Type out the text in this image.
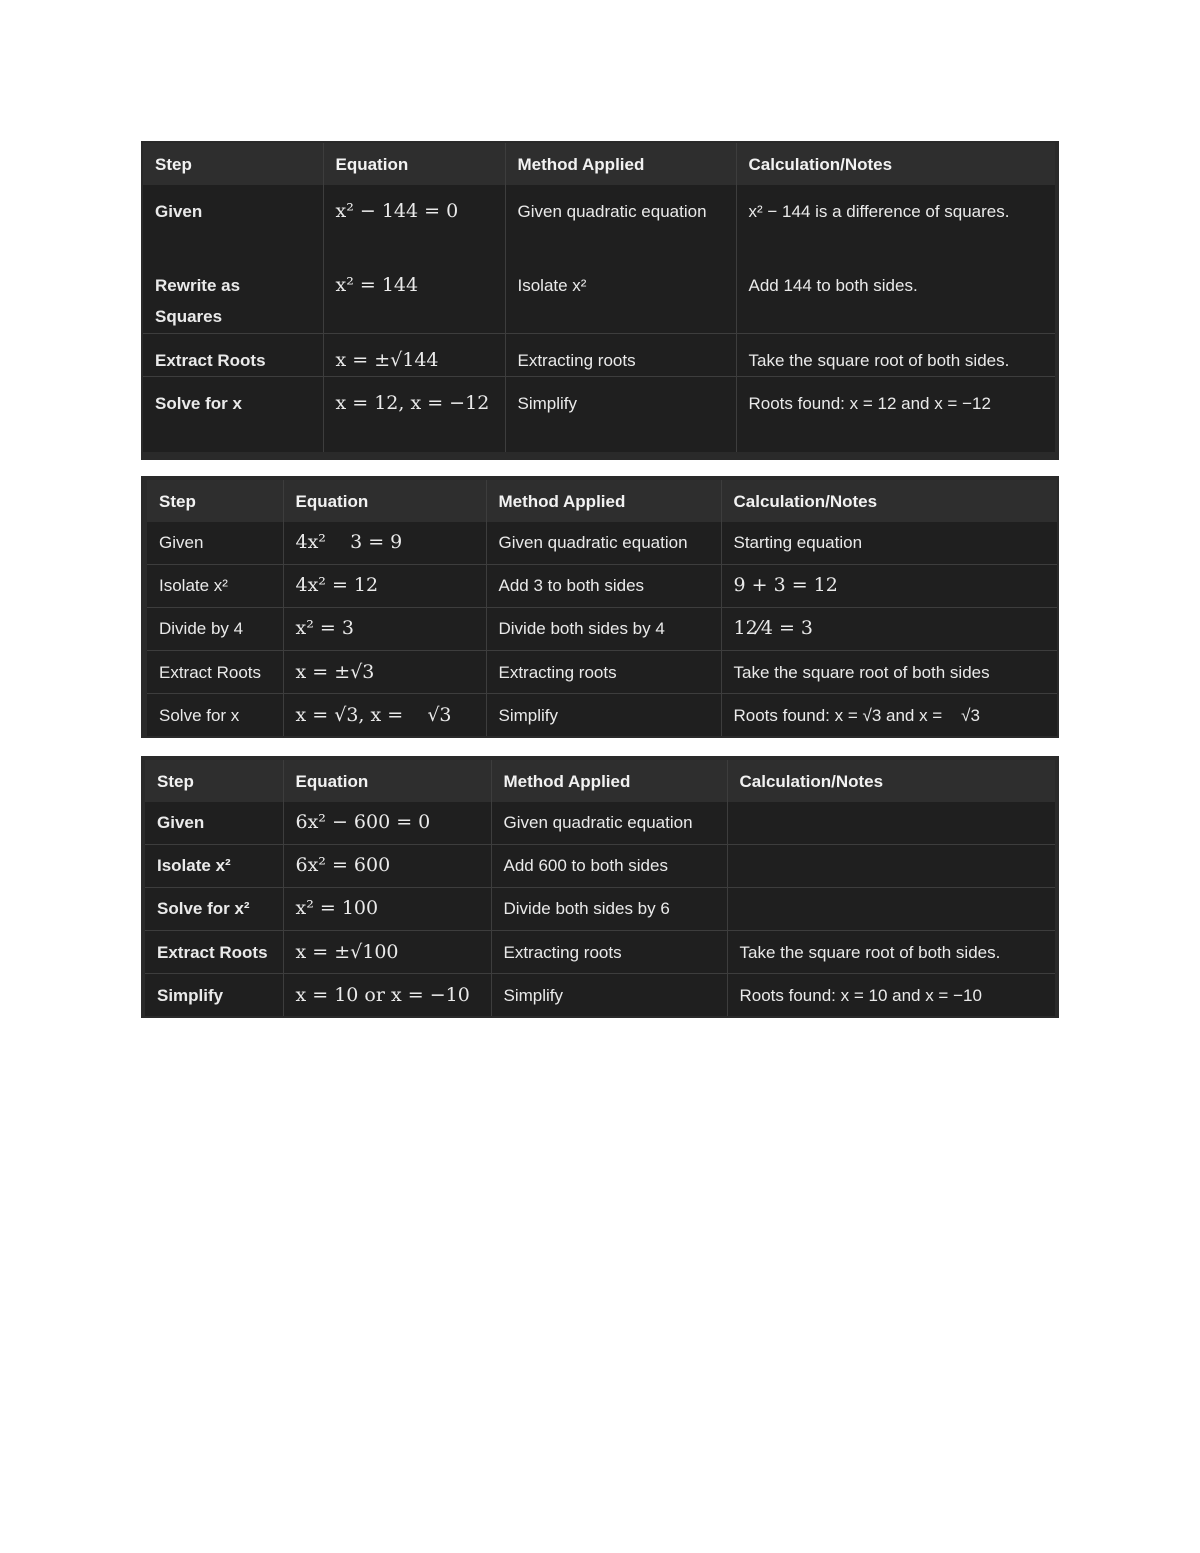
Step	Equation	Method Applied	Calculation/Notes
Given	x² − 144 = 0	Given quadratic equation	x² − 144 is a difference of squares.
Rewrite as Squares	x² = 144	Isolate x²	Add 144 to both sides.
Extract Roots	x = ±√144	Extracting roots	Take the square root of both sides.
Solve for x	x = 12, x = −12	Simplify	Roots found: x = 12 and x = −12
Step	Equation	Method Applied	Calculation/Notes
Given	4x²    3 = 9	Given quadratic equation	Starting equation
Isolate x²	4x² = 12	Add 3 to both sides	9 + 3 = 12
Divide by 4	x² = 3	Divide both sides by 4	12⁄4 = 3
Extract Roots	x = ±√3	Extracting roots	Take the square root of both sides
Solve for x	x = √3, x =    √3	Simplify	Roots found: x = √3 and x =    √3
Step	Equation	Method Applied	Calculation/Notes
Given	6x² − 600 = 0	Given quadratic equation	
Isolate x²	6x² = 600	Add 600 to both sides	
Solve for x²	x² = 100	Divide both sides by 6	
Extract Roots	x = ±√100	Extracting roots	Take the square root of both sides.
Simplify	x = 10 or x = −10	Simplify	Roots found: x = 10 and x = −10
